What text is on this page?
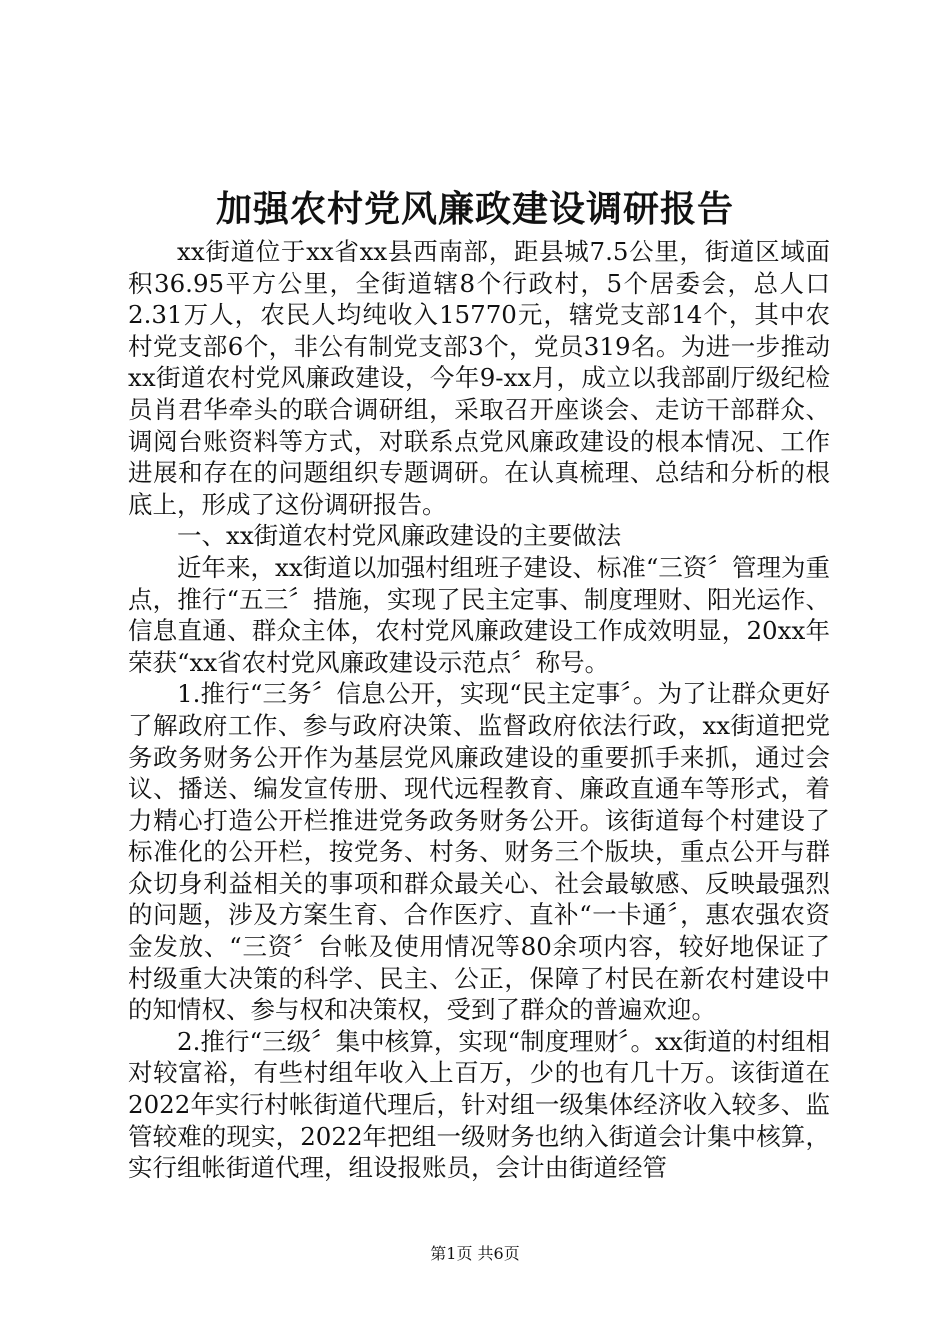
加强农村党风廉政建设调研报告

xx街道位于xx省xx县西南部，距县城7.5公里，街道区域面积36.95平方公里，全街道辖8个行政村，5个居委会，总人口2.31万人，农民人均纯收入15770元，辖党支部14个，其中农村党支部6个，非公有制党支部3个，党员319名。为进一步推动xx街道农村党风廉政建设，今年9-xx月，成立以我部副厅级纪检员肖君华牵头的联合调研组，采取召开座谈会、走访干部群众、调阅台账资料等方式，对联系点党风廉政建设的根本情况、工作进展和存在的问题组织专题调研。在认真梳理、总结和分析的根底上，形成了这份调研报告。

一、xx街道农村党风廉政建设的主要做法

近年来，xx街道以加强村组班子建设、标准“三资〞管理为重点，推行“五三〞措施，实现了民主定事、制度理财、阳光运作、信息直通、群众主体，农村党风廉政建设工作成效明显，20xx年荣获“xx省农村党风廉政建设示范点〞称号。

1.推行“三务〞信息公开，实现“民主定事〞。为了让群众更好了解政府工作、参与政府决策、监督政府依法行政，xx街道把党务政务财务公开作为基层党风廉政建设的重要抓手来抓，通过会议、播送、编发宣传册、现代远程教育、廉政直通车等形式，着力精心打造公开栏推进党务政务财务公开。该街道每个村建设了标准化的公开栏，按党务、村务、财务三个版块，重点公开与群众切身利益相关的事项和群众最关心、社会最敏感、反映最强烈的问题，涉及方案生育、合作医疗、直补“一卡通〞，惠农强农资金发放、“三资〞台帐及使用情况等80余项内容，较好地保证了村级重大决策的科学、民主、公正，保障了村民在新农村建设中的知情权、参与权和决策权，受到了群众的普遍欢迎。

2.推行“三级〞集中核算，实现“制度理财〞。xx街道的村组相对较富裕，有些村组年收入上百万，少的也有几十万。该街道在2022年实行村帐街道代理后，针对组一级集体经济收入较多、监管较难的现实，2022年把组一级财务也纳入街道会计集中核算，实行组帐街道代理，组设报账员，会计由街道经管

第1页 共6页
